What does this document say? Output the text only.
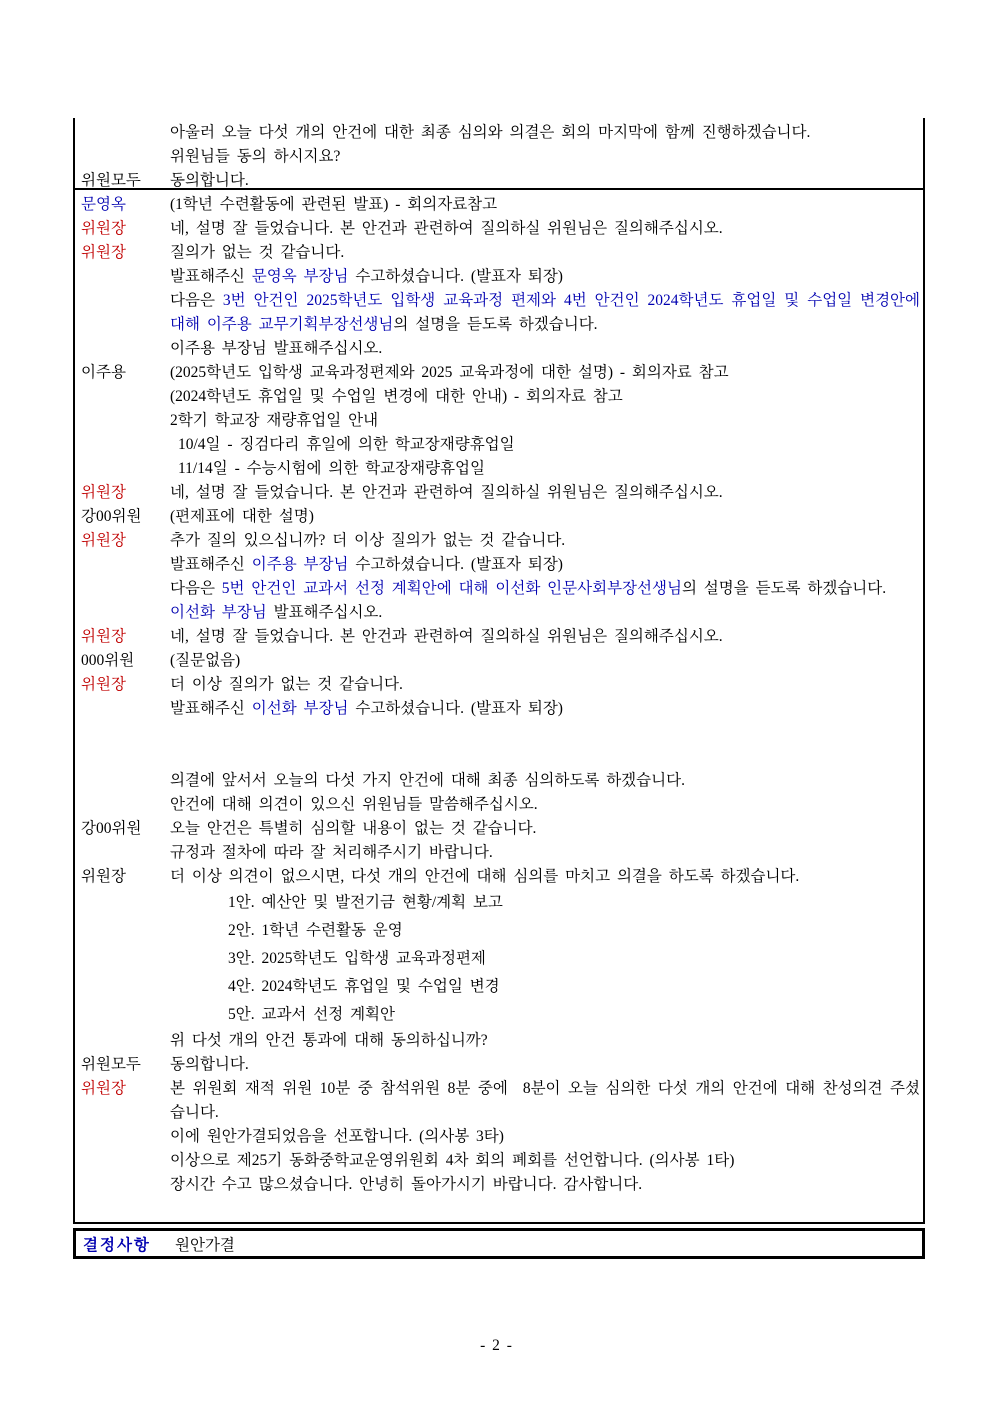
아울러 오늘 다섯 개의 안건에 대한 최종 심의와 의결은 회의 마지막에 함께 진행하겠습니다.
위원님들 동의 하시지요?
위원모두	동의합니다.
문영옥	(1학년 수련활동에 관련된 발표) - 회의자료참고
위원장	네, 설명 잘 들었습니다. 본 안건과 관련하여 질의하실 위원님은 질의해주십시오.
위원장	질의가 없는 것 같습니다.
발표해주신 문영옥 부장님 수고하셨습니다. (발표자 퇴장)
다음은 3번 안건인 2025학년도 입학생 교육과정 편제와 4번 안건인 2024학년도 휴업일 및 수업일 변경안에 대해 이주용 교무기획부장선생님의 설명을 듣도록 하겠습니다.
이주용 부장님 발표해주십시오.
이주용	(2025학년도 입학생 교육과정편제와 2025 교육과정에 대한 설명) - 회의자료 참고
(2024학년도 휴업일 및 수업일 변경에 대한 안내) - 회의자료 참고
2학기 학교장 재량휴업일 안내
10/4일 - 징검다리 휴일에 의한 학교장재량휴업일
11/14일 - 수능시험에 의한 학교장재량휴업일
위원장	네, 설명 잘 들었습니다. 본 안건과 관련하여 질의하실 위원님은 질의해주십시오.
강00위원	(편제표에 대한 설명)
위원장	추가 질의 있으십니까? 더 이상 질의가 없는 것 같습니다.
발표해주신 이주용 부장님 수고하셨습니다. (발표자 퇴장)
다음은 5번 안건인 교과서 선정 계획안에 대해 이선화 인문사회부장선생님의 설명을 듣도록 하겠습니다.
이선화 부장님 발표해주십시오.
위원장	네, 설명 잘 들었습니다. 본 안건과 관련하여 질의하실 위원님은 질의해주십시오.
000위원	(질문없음)
위원장	더 이상 질의가 없는 것 같습니다.
발표해주신 이선화 부장님 수고하셨습니다. (발표자 퇴장)

의결에 앞서서 오늘의 다섯 가지 안건에 대해 최종 심의하도록 하겠습니다.
안건에 대해 의견이 있으신 위원님들 말씀해주십시오.
강00위원	오늘 안건은 특별히 심의할 내용이 없는 것 같습니다.
규정과 절차에 따라 잘 처리해주시기 바랍니다.
위원장	더 이상 의견이 없으시면, 다섯 개의 안건에 대해 심의를 마치고 의결을 하도록 하겠습니다.
1안. 예산안 및 발전기금 현황/계획 보고
2안. 1학년 수련활동 운영
3안. 2025학년도 입학생 교육과정편제
4안. 2024학년도 휴업일 및 수업일 변경
5안. 교과서 선정 계획안
위 다섯 개의 안건 통과에 대해 동의하십니까?
위원모두	동의합니다.
위원장	본 위원회 재적 위원 10분 중 참석위원 8분 중에  8분이 오늘 심의한 다섯 개의 안건에 대해 찬성의견 주셨습니다.
이에 원안가결되었음을 선포합니다. (의사봉 3타)
이상으로 제25기 동화중학교운영위원회 4차 회의 폐회를 선언합니다. (의사봉 1타)
장시간 수고 많으셨습니다. 안녕히 돌아가시기 바랍니다. 감사합니다.
결정사항	원안가결
- 2 -
